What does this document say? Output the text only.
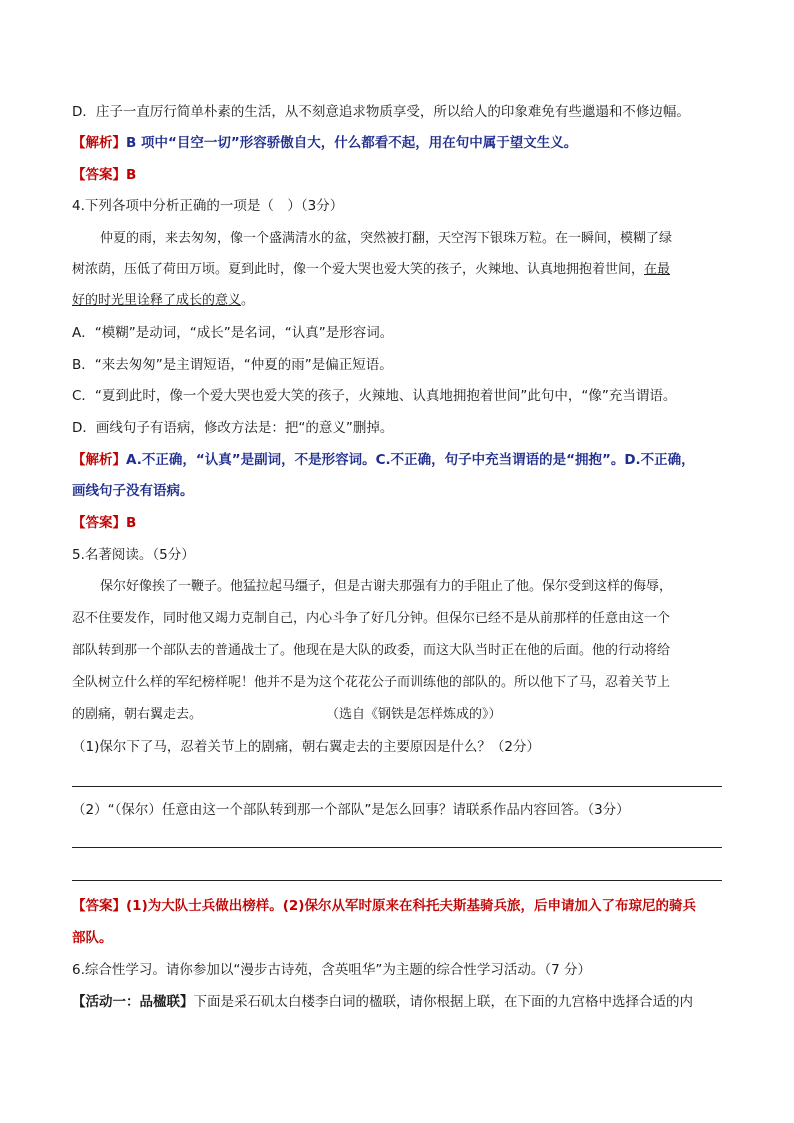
D．庄子一直厉行简单朴素的生活，从不刻意追求物质享受，所以给人的印象难免有些邋遢和不修边幅。
【解析】B 项中“目空一切”形容骄傲自大，什么都看不起，用在句中属于望文生义。
【答案】B
4.下列各项中分析正确的一项是（　）（3分）
仲夏的雨，来去匆匆，像一个盛满清水的盆，突然被打翻，天空泻下银珠万粒。在一瞬间，模糊了绿
树浓荫，压低了荷田万顷。夏到此时，像一个爱大哭也爱大笑的孩子，火辣地、认真地拥抱着世间，在最
好的时光里诠释了成长的意义。
A．“模糊”是动词，“成长”是名词，“认真”是形容词。
B．“来去匆匆”是主谓短语，“仲夏的雨”是偏正短语。
C．“夏到此时，像一个爱大哭也爱大笑的孩子，火辣地、认真地拥抱着世间”此句中，“像”充当谓语。
D．画线句子有语病，修改方法是：把“的意义”删掉。
【解析】A.不正确，“认真”是副词，不是形容词。C.不正确，句子中充当谓语的是“拥抱”。D.不正确，
画线句子没有语病。
【答案】B
5.名著阅读。（5分）
保尔好像挨了一鞭子。他猛拉起马缰子，但是古谢夫那强有力的手阻止了他。保尔受到这样的侮辱，
忍不住要发作，同时他又竭力克制自己，内心斗争了好几分钟。但保尔已经不是从前那样的任意由这一个
部队转到那一个部队去的普通战士了。他现在是大队的政委，而这大队当时正在他的后面。他的行动将给
全队树立什么样的军纪榜样呢！他并不是为这个花花公子而训练他的部队的。所以他下了马，忍着关节上
的剧痛，朝右翼走去。	（选自《钢铁是怎样炼成的》）
（1)保尔下了马，忍着关节上的剧痛，朝右翼走去的主要原因是什么？（2分）
（2）“（保尔）任意由这一个部队转到那一个部队”是怎么回事？请联系作品内容回答。（3分）
【答案】(1)为大队士兵做出榜样。(2)保尔从军时原来在科托夫斯基骑兵旅，后申请加入了布琼尼的骑兵
部队。
6.综合性学习。请你参加以“漫步古诗苑，含英咀华”为主题的综合性学习活动。（7 分）
【活动一：品楹联】下面是采石矶太白楼李白词的楹联，请你根据上联，在下面的九宫格中选择合适的内
